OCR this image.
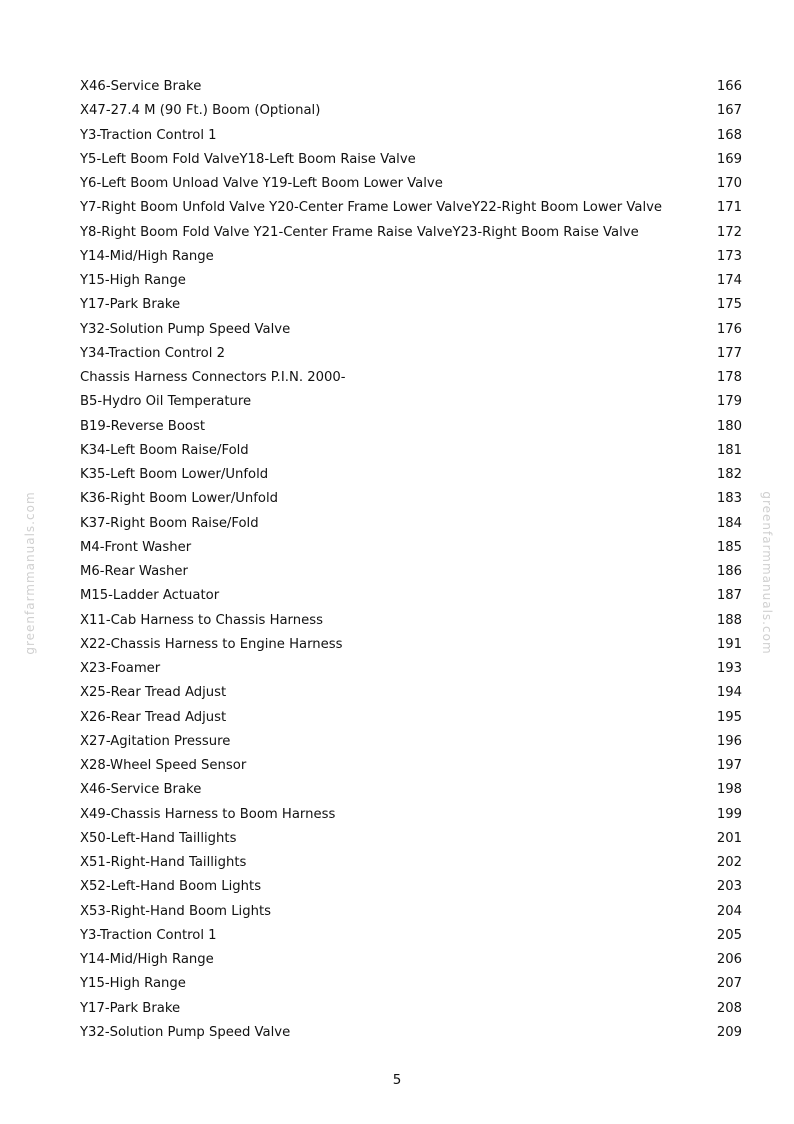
X46-Service Brake	166
X47-27.4 M (90 Ft.) Boom (Optional)	167
Y3-Traction Control 1	168
Y5-Left Boom Fold ValveY18-Left Boom Raise Valve	169
Y6-Left Boom Unload Valve Y19-Left Boom Lower Valve	170
Y7-Right Boom Unfold Valve Y20-Center Frame Lower ValveY22-Right Boom Lower Valve	171
Y8-Right Boom Fold Valve Y21-Center Frame Raise ValveY23-Right Boom Raise Valve	172
Y14-Mid/High Range	173
Y15-High Range	174
Y17-Park Brake	175
Y32-Solution Pump Speed Valve	176
Y34-Traction Control 2	177
Chassis Harness Connectors P.I.N. 2000-	178
B5-Hydro Oil Temperature	179
B19-Reverse Boost	180
K34-Left Boom Raise/Fold	181
K35-Left Boom Lower/Unfold	182
K36-Right Boom Lower/Unfold	183
K37-Right Boom Raise/Fold	184
M4-Front Washer	185
M6-Rear Washer	186
M15-Ladder Actuator	187
X11-Cab Harness to Chassis Harness	188
X22-Chassis Harness to Engine Harness	191
X23-Foamer	193
X25-Rear Tread Adjust	194
X26-Rear Tread Adjust	195
X27-Agitation Pressure	196
X28-Wheel Speed Sensor	197
X46-Service Brake	198
X49-Chassis Harness to Boom Harness	199
X50-Left-Hand Taillights	201
X51-Right-Hand Taillights	202
X52-Left-Hand Boom Lights	203
X53-Right-Hand Boom Lights	204
Y3-Traction Control 1	205
Y14-Mid/High Range	206
Y15-High Range	207
Y17-Park Brake	208
Y32-Solution Pump Speed Valve	209
5
greenfarmmanuals.com	greenfarmmanuals.com
